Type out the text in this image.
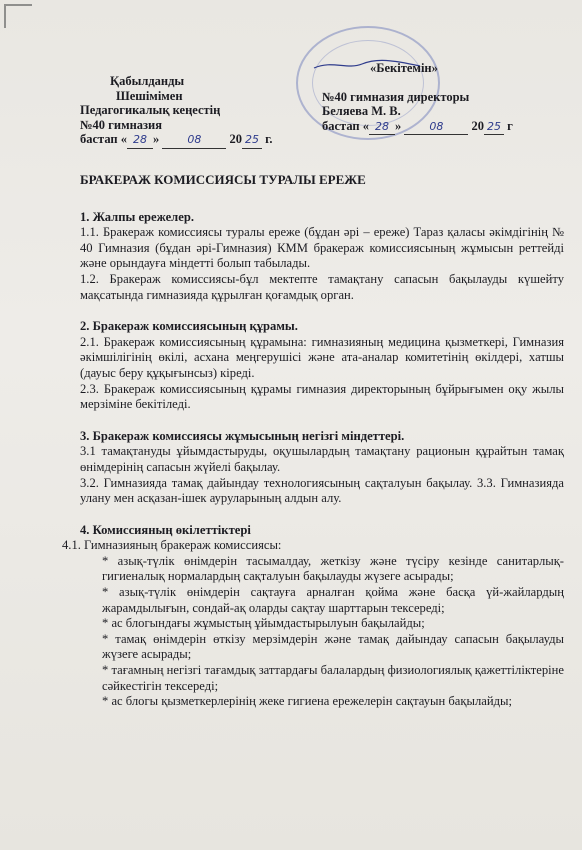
Қабылданды
Шешімімен
Педагогикалық кеңестің
№40 гимназия
бастап « 28 » 08 20 25 г.
«Бекітемін»
№40 гимназия директоры
Беляева М. В.
бастап « 28 » 08 20 25 г
БРАКЕРАЖ КОМИССИЯСЫ ТУРАЛЫ ЕРЕЖЕ
1. Жалпы ережелер.

1.1. Бракераж комиссиясы туралы ереже (бұдан әрі – ереже) Тараз қаласы әкімдігінің № 40 Гимназия (бұдан әрі-Гимназия) КММ бракераж комиссиясының жұмысын реттейді және орындауға міндетті болып табылады.

1.2. Бракераж комиссиясы-бұл мектепте тамақтану сапасын бақылауды күшейту мақсатында гимназияда құрылған қоғамдық орган.

2. Бракераж комиссиясының құрамы.

2.1. Бракераж комиссиясының құрамына: гимназияның медицина қызметкері, Гимназия әкімшілігінің өкілі, асхана меңгерушісі және ата-аналар комитетінің өкілдері, хатшы (дауыс беру құқығынсыз) кіреді.

2.3. Бракераж комиссиясының құрамы гимназия директорының бұйрығымен оқу жылы мерзіміне бекітіледі.

3. Бракераж комиссиясы жұмысының негізгі міндеттері.

3.1 тамақтануды ұйымдастыруды, оқушылардың тамақтану рационын құрайтын тамақ өнімдерінің сапасын жүйелі бақылау.

3.2. Гимназияда тамақ дайындау технологиясының сақталуын бақылау. 3.3. Гимназияда улану мен асқазан-ішек ауруларының алдын алу.

4. Комиссияның өкілеттіктері
4.1. Гимназияның бракераж комиссиясы:

* азық-түлік өнімдерін тасымалдау, жеткізу және түсіру кезінде санитарлық-гигиеналық нормалардың сақталуын бақылауды жүзеге асырады;

* азық-түлік өнімдерін сақтауға арналған қойма және басқа үй-жайлардың жарамдылығын, сондай-ақ оларды сақтау шарттарын тексереді;

* ас блогындағы жұмыстың ұйымдастырылуын бақылайды;

* тамақ өнімдерін өткізу мерзімдерін және тамақ дайындау сапасын бақылауды жүзеге асырады;

* тағамның негізгі тағамдық заттардағы балалардың физиологиялық қажеттіліктеріне сәйкестігін тексереді;

* ас блогы қызметкерлерінің жеке гигиена ережелерін сақтауын бақылайды;
